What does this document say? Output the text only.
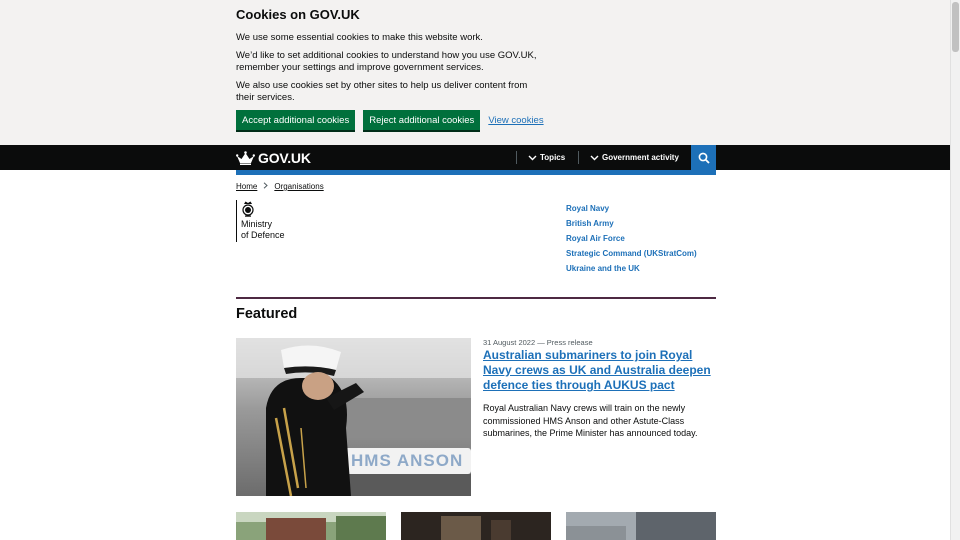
Cookies on GOV.UK

We use some essential cookies to make this website work.

We’d like to set additional cookies to understand how you use GOV.UK, remember your settings and improve government services.

We also use cookies set by other sites to help us deliver content from their services.

Accept additional cookies	Reject additional cookies	View cookies
GOV.UK	Topics	Government activity
Home Organisations
Ministry
of Defence
Royal Navy
British Army
Royal Air Force
Strategic Command (UKStratCom)
Ukraine and the UK
Featured
HMS ANSON
31 August 2022 — Press release
Australian submariners to join Royal Navy crews as UK and Australia deepen defence ties through AUKUS pact
Royal Australian Navy crews will train on the newly commissioned HMS Anson and other Astute-Class submarines, the Prime Minister has announced today.
